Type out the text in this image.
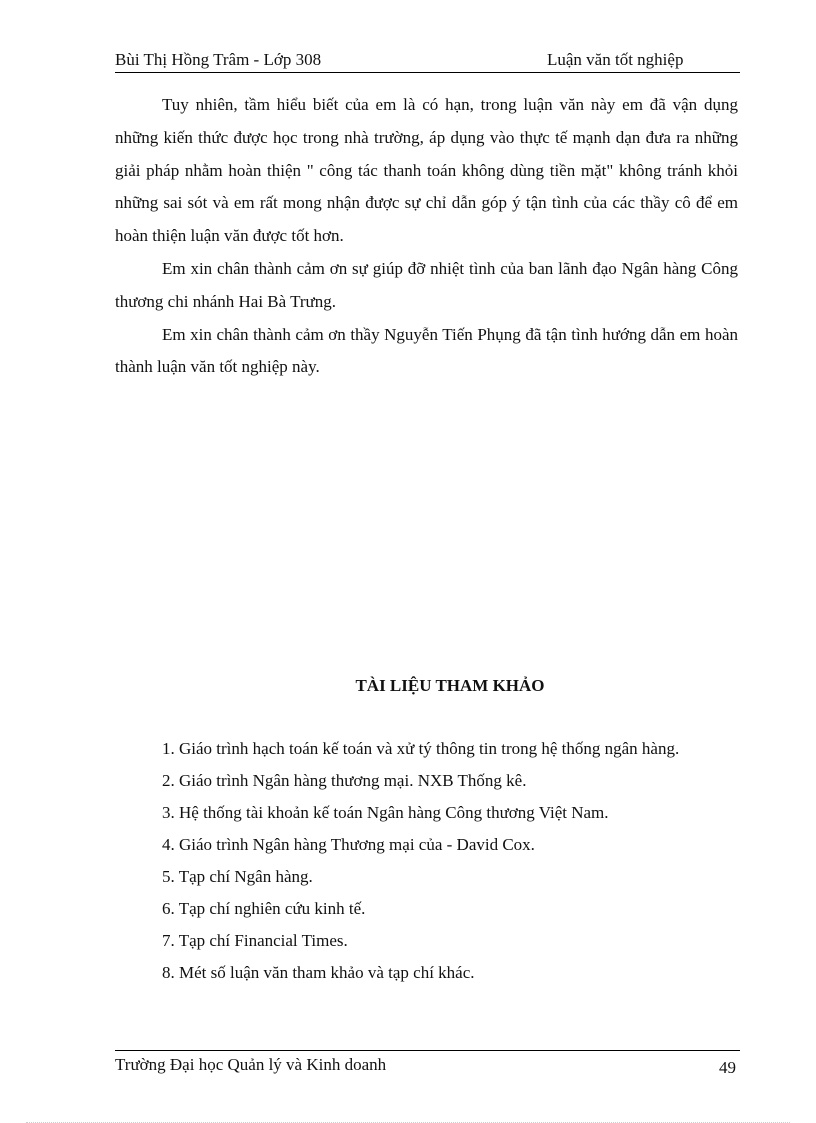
Bùi Thị Hồng Trâm - Lớp 308	Luận văn tốt nghiệp

Tuy nhiên, tầm hiểu biết của em là có hạn, trong luận văn này em đã vận dụng những kiến thức được học trong nhà trường, áp dụng vào thực tế mạnh dạn đưa ra những giải pháp nhằm hoàn thiện " công tác thanh toán không dùng tiền mặt" không tránh khỏi những sai sót và em rất mong nhận được sự chỉ dẫn góp ý tận tình của các thầy cô để em hoàn thiện luận văn được tốt hơn.

Em xin chân thành cảm ơn sự giúp đỡ nhiệt tình của ban lãnh đạo Ngân hàng Công thương chi nhánh Hai Bà Trưng.

Em xin chân thành cảm ơn thầy Nguyễn Tiến Phụng đã tận tình hướng dẫn em hoàn thành luận văn tốt nghiệp này.

TÀI LIỆU THAM KHẢO

1. Giáo trình hạch toán kế toán và xử tý thông tin trong hệ thống ngân hàng.

2. Giáo trình Ngân hàng thương mại. NXB Thống kê.

3. Hệ thống tài khoản kế toán Ngân hàng Công thương Việt Nam.

4. Giáo trình Ngân hàng Thương mại của - David Cox.

5. Tạp chí Ngân hàng.

6. Tạp chí nghiên cứu kinh tế.

7. Tạp chí Financial Times.

8. Mét số luận văn tham khảo và tạp chí khác.

Trường Đại học Quản lý và Kinh doanh	49
